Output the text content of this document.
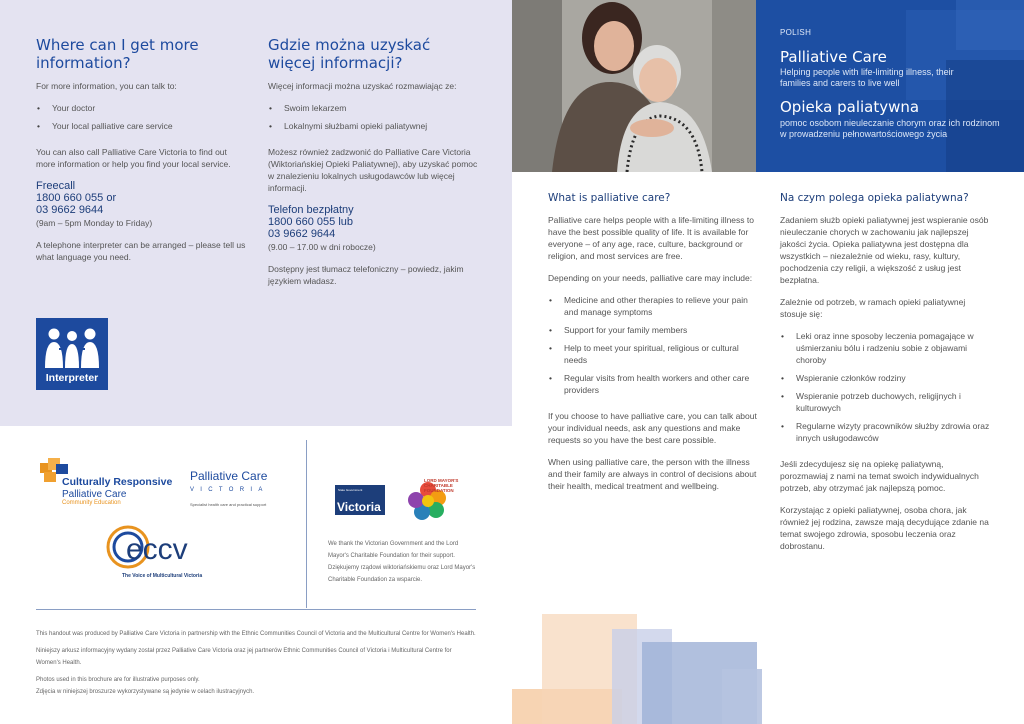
Where can I get more information?

For more information, you can talk to:

• Your doctor
• Your local palliative care service

You can also call Palliative Care Victoria to find out more information or help you find your local service.

Freecall
1800 660 055 or
03 9662 9644

(9am – 5pm Monday to Friday)

A telephone interpreter can be arranged – please tell us what language you need.

Gdzie można uzyskać więcej informacji?

Więcej informacji można uzyskać rozmawiając ze:

• Swoim lekarzem
• Lokalnymi służbami opieki paliatywnej

Możesz również zadzwonić do Palliative Care Victoria (Wiktoriańskiej Opieki Paliatywnej), aby uzyskać pomoc w znalezieniu lokalnych usługodawców lub więcej informacji.

Telefon bezpłatny
1800 660 055 lub
03 9662 9644

(9.00 – 17.00 w dni robocze)

Dostępny jest tłumacz telefoniczny – powiedz, jakim językiem władasz.

Interpreter
POLISH
Palliative Care
Helping people with life-limiting illness, their families and carers to live well
Opieka paliatywna
pomoc osobom nieuleczanie chorym oraz ich rodzinom w prowadzeniu pełnowartościowego życia
What is palliative care?

Palliative care helps people with a life-limiting illness to have the best possible quality of life. It is available for everyone – of any age, race, culture, background or religion, and most services are free.

Depending on your needs, palliative care may include:

• Medicine and other therapies to relieve your pain and manage symptoms
• Support for your family members
• Help to meet your spiritual, religious or cultural needs
• Regular visits from health workers and other care providers

If you choose to have palliative care, you can talk about your individual needs, ask any questions and make requests so you have the best care possible.

When using palliative care, the person with the illness and their family are always in control of decisions about their health, medical treatment and wellbeing.

Na czym polega opieka paliatywna?

Zadaniem służb opieki paliatywnej jest wspieranie osób nieuleczanie chorych w zachowaniu jak najlepszej jakości życia. Opieka paliatywna jest dostępna dla wszystkich – niezależnie od wieku, rasy, kultury, pochodzenia czy religii, a większość z usług jest bezpłatna.

Zależnie od potrzeb, w ramach opieki paliatywnej stosuje się:

• Leki oraz inne sposoby leczenia pomagające w uśmierzaniu bólu i radzeniu sobie z objawami choroby
• Wspieranie członków rodziny
• Wspieranie potrzeb duchowych, religijnych i kulturowych
• Regularne wizyty pracowników służby zdrowia oraz innych usługodawców

Jeśli zdecydujesz się na opiekę paliatywną, porozmawiaj z nami na temat swoich indywidualnych potrzeb, aby otrzymać jak najlepszą pomoc.

Korzystając z opieki paliatywnej, osoba chora, jak również jej rodzina, zawsze mają decydujące zdanie na temat swojego zdrowia, sposobu leczenia oraz dobrostanu.

Culturally Responsive
Palliative Care
Community Education
Palliative Care
VICTORIA
Specialist health care and practical support
eccv
The Voice of Multicultural Victoria
State Government
Victoria
LORD MAYOR'S CHARITABLE FOUNDATION
We thank the Victorian Government and the Lord Mayor's Charitable Foundation for their support. Dziękujemy rządowi wiktoriańskiemu oraz Lord Mayor's Charitable Foundation za wsparcie.

This handout was produced by Palliative Care Victoria in partnership with the Ethnic Communities Council of Victoria and the Multicultural Centre for Women's Health.

Niniejszy arkusz informacyjny wydany został przez Palliative Care Victoria oraz jej partnerów Ethnic Communities Council of Victoria i Multicultural Centre for Women's Health.

Photos used in this brochure are for illustrative purposes only.

Zdjęcia w niniejszej broszurze wykorzystywane są jedynie w celach ilustracyjnych.
